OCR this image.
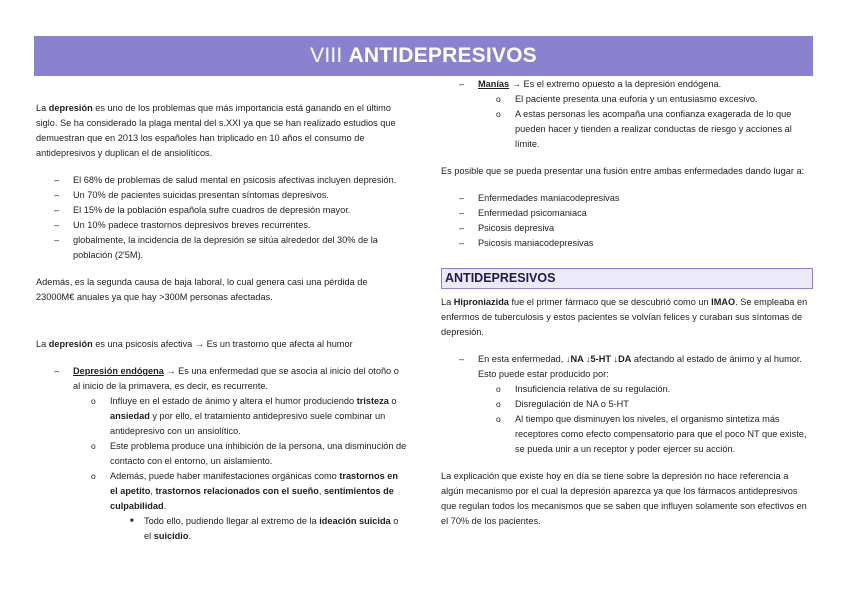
VIII ANTIDEPRESIVOS

La depresión es uno de los problemas que más importancia está ganando en el último siglo. Se ha considerado la plaga mental del s.XXI ya que se han realizado estudios que demuestran que en 2013 los españoles han triplicado en 10 años el consumo de antidepresivos y duplican el de ansiolíticos.

– El 68% de problemas de salud mental en psicosis afectivas incluyen depresión.
– Un 70% de pacientes suicidas presentan síntomas depresivos.
– El 15% de la población española sufre cuadros de depresión mayor.
– Un 10% padece trastornos depresivos breves recurrentes.
– globalmente, la incidencia de la depresión se sitúa alrededor del 30% de la población (2'5M).

Además, es la segunda causa de baja laboral, lo cual genera casi una pérdida de 23000M€ anuales ya que hay >300M personas afectadas.

La depresión es una psicosis afectiva → Es un trastorno que afecta al humor

– Depresión endógena → Es una enfermedad que se asocia al inicio del otoño o al inicio de la primavera, es decir, es recurrente.
o Influye en el estado de ánimo y altera el humor produciendo tristeza o ansiedad y por ello, el tratamiento antidepresivo suele combinar un antidepresivo con un ansiolítico.
o Este problema produce una inhibición de la persona, una disminución de contacto con el entorno, un aislamiento.
o Además, puede haber manifestaciones orgánicas como trastornos en el apetito, trastornos relacionados con el sueño, sentimientos de culpabilidad.
■ Todo ello, pudiendo llegar al extremo de la ideación suicida o el suicidio.
– Manías → Es el extremo opuesto a la depresión endógena.
o El paciente presenta una euforia y un entusiasmo excesivo.
o A estas personas les acompaña una confianza exagerada de lo que pueden hacer y tienden a realizar conductas de riesgo y acciones al límite.

Es posible que se pueda presentar una fusión entre ambas enfermedades dando lugar a:

– Enfermedades maniacodepresivas
– Enfermedad psicomaniaca
– Psicosis depresiva
– Psicosis maniacodepresivas
ANTIDEPRESIVOS

La Hiproniazida fue el primer fármaco que se descubrió como un IMAO. Se empleaba en enfermos de tuberculosis y estos pacientes se volvían felices y curaban sus síntomas de depresión.

– En esta enfermedad, ↓NA ↓5-HT ↓DA afectando al estado de ánimo y al humor. Esto puede estar producido por:
o Insuficiencia relativa de su regulación.
o Disregulación de NA o 5-HT
o Al tiempo que disminuyen los niveles, el organismo sintetiza más receptores como efecto compensatorio para que el poco NT que existe, se pueda unir a un receptor y poder ejercer su acción.

La explicación que existe hoy en día se tiene sobre la depresión no hace referencia a algún mecanismo por el cual la depresión aparezca ya que los fármacos antidepresivos que regulan todos los mecanismos que se saben que influyen solamente son efectivos en el 70% de los pacientes.
